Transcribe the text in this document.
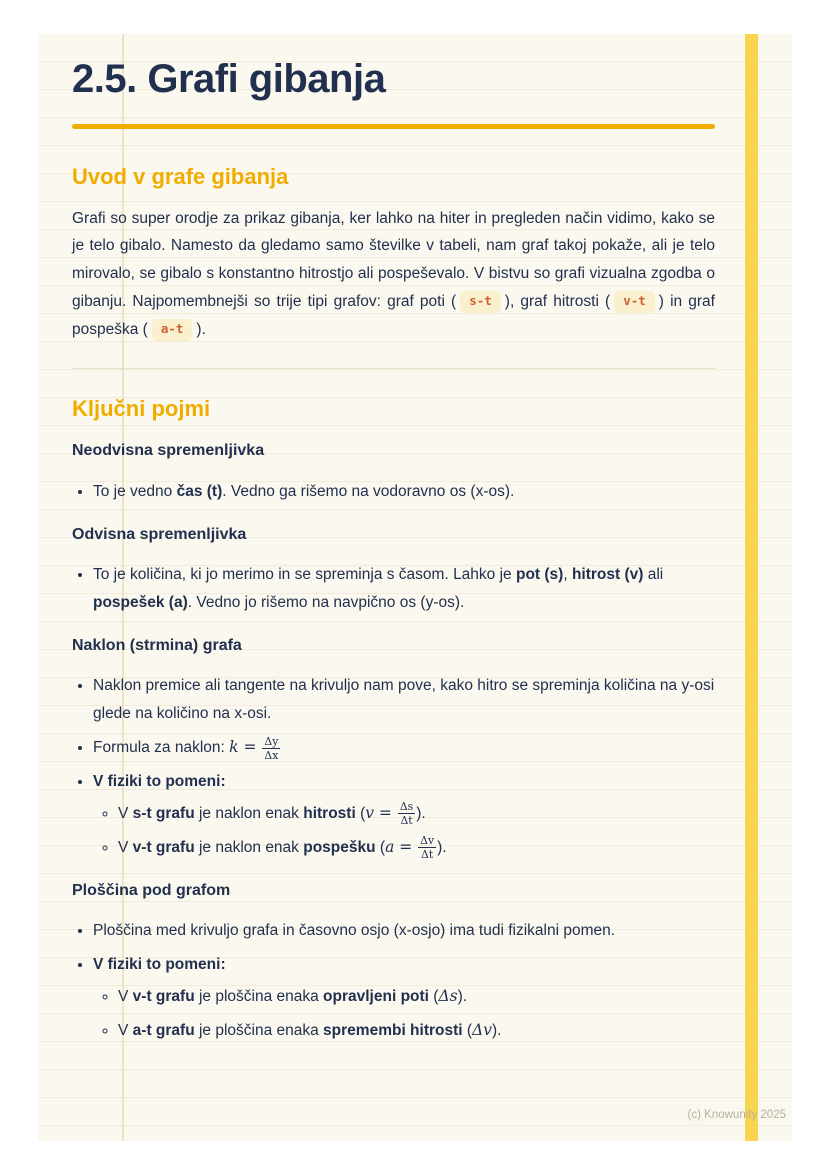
2.5. Grafi gibanja
Uvod v grafe gibanja

Grafi so super orodje za prikaz gibanja, ker lahko na hiter in pregleden način vidimo, kako se je telo gibalo. Namesto da gledamo samo številke v tabeli, nam graf takoj pokaže, ali je telo mirovalo, se gibalo s konstantno hitrostjo ali pospeševalo. V bistvu so grafi vizualna zgodba o gibanju. Najpomembnejši so trije tipi grafov: graf poti ( s-t ), graf hitrosti ( v-t ) in graf pospeška ( a-t ).

Ključni pojmi
Neodvisna spremenljivka
• To je vedno čas (t). Vedno ga rišemo na vodoravno os (x-os).
Odvisna spremenljivka
• To je količina, ki jo merimo in se spreminja s časom. Lahko je pot (s), hitrost (v) ali pospešek (a). Vedno jo rišemo na navpično os (y-os).
Naklon (strmina) grafa
• Naklon premice ali tangente na krivuljo nam pove, kako hitro se spreminja količina na y-osi glede na količino na x-osi.
• Formula za naklon: $k = \frac{\Delta y}{\Delta x}$
• V fiziki to pomeni:
◦ V s-t grafu je naklon enak hitrosti ($v = \frac{\Delta s}{\Delta t}$ ).
◦ V v-t grafu je naklon enak pospešku ($a = \frac{\Delta v}{\Delta t}$ ).
Ploščina pod grafom
• Ploščina med krivuljo grafa in časovno osjo (x-osjo) ima tudi fizikalni pomen.
• V fiziki to pomeni:
◦ V v-t grafu je ploščina enaka opravljeni poti (Δs).
◦ V a-t grafu je ploščina enaka spremembi hitrosti (Δv).
(c) Knowunity 2025
